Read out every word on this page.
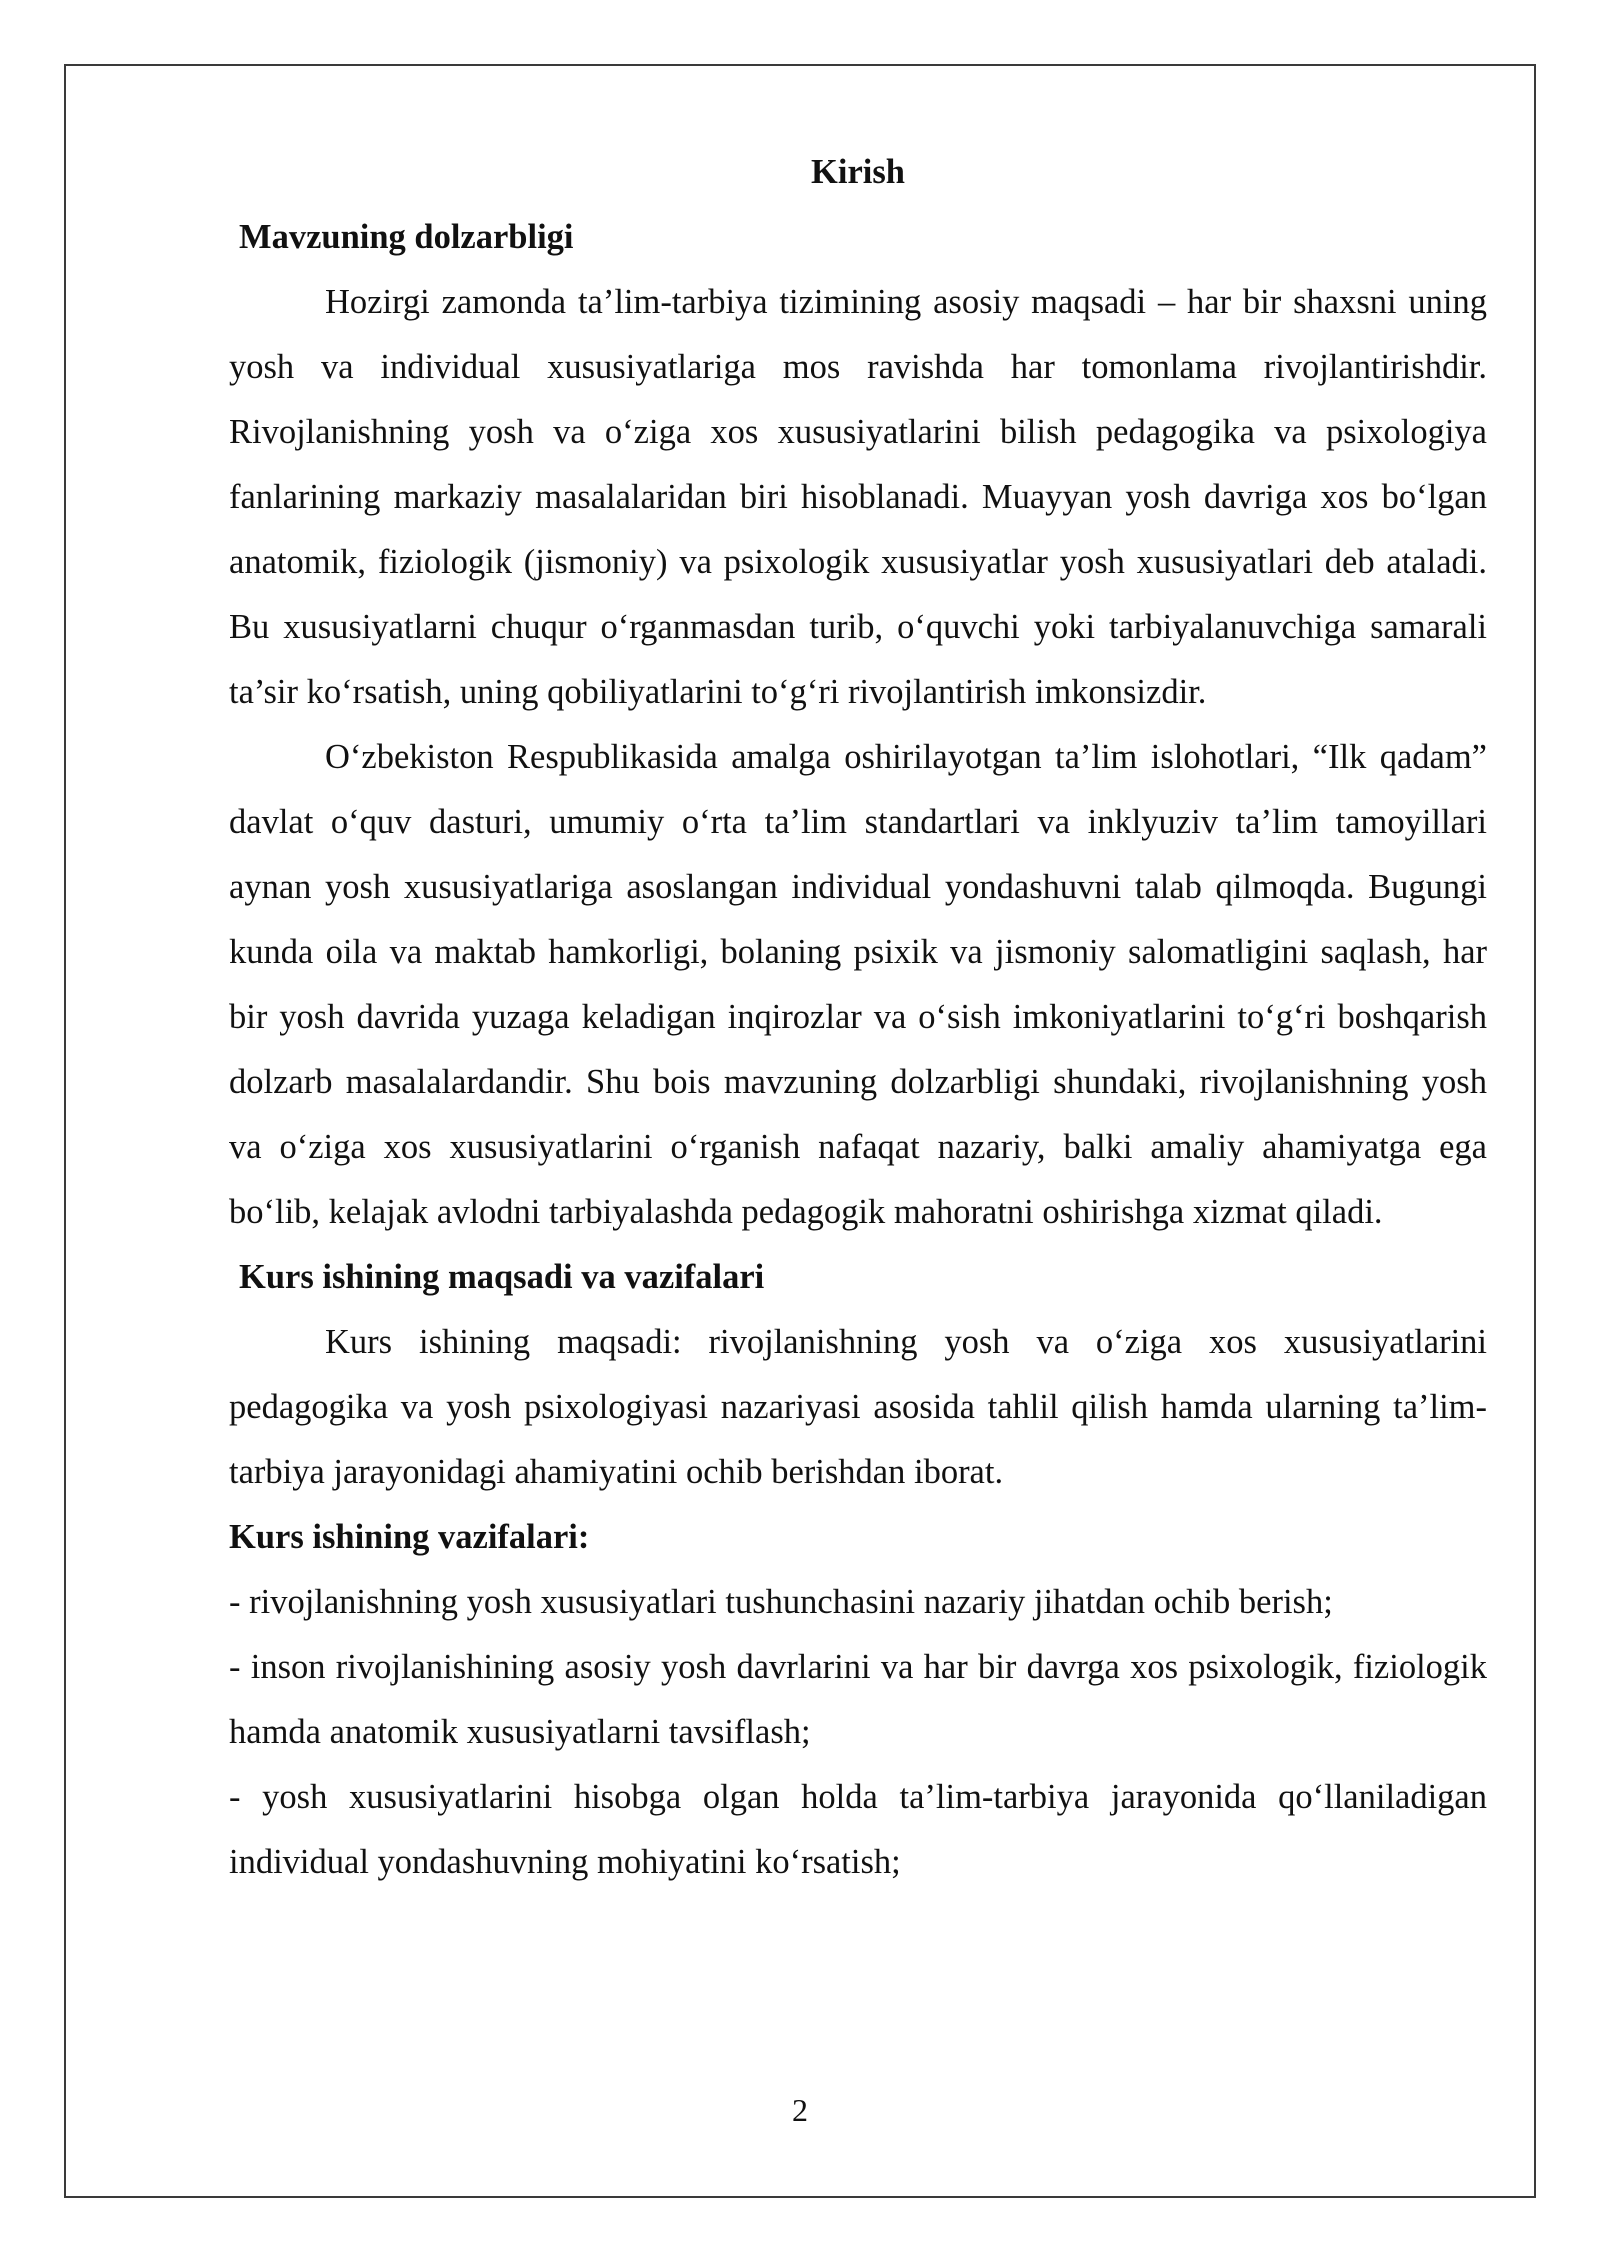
Kirish

Mavzuning dolzarbligi

Hozirgi zamonda ta’lim-tarbiya tizimining asosiy maqsadi – har bir shaxsni uning yosh va individual xususiyatlariga mos ravishda har tomonlama rivojlantirishdir. Rivojlanishning yosh va o‘ziga xos xususiyatlarini bilish pedagogika va psixologiya fanlarining markaziy masalalaridan biri hisoblanadi. Muayyan yosh davriga xos bo‘lgan anatomik, fiziologik (jismoniy) va psixologik xususiyatlar yosh xususiyatlari deb ataladi. Bu xususiyatlarni chuqur o‘rganmasdan turib, o‘quvchi yoki tarbiyalanuvchiga samarali ta’sir ko‘rsatish, uning qobiliyatlarini to‘g‘ri rivojlantirish imkonsizdir.

O‘zbekiston Respublikasida amalga oshirilayotgan ta’lim islohotlari, “Ilk qadam” davlat o‘quv dasturi, umumiy o‘rta ta’lim standartlari va inklyuziv ta’lim tamoyillari aynan yosh xususiyatlariga asoslangan individual yondashuvni talab qilmoqda. Bugungi kunda oila va maktab hamkorligi, bolaning psixik va jismoniy salomatligini saqlash, har bir yosh davrida yuzaga keladigan inqirozlar va o‘sish imkoniyatlarini to‘g‘ri boshqarish dolzarb masalalardandir. Shu bois mavzuning dolzarbligi shundaki, rivojlanishning yosh va o‘ziga xos xususiyatlarini o‘rganish nafaqat nazariy, balki amaliy ahamiyatga ega bo‘lib, kelajak avlodni tarbiyalashda pedagogik mahoratni oshirishga xizmat qiladi.

Kurs ishining maqsadi va vazifalari

Kurs ishining maqsadi: rivojlanishning yosh va o‘ziga xos xususiyatlarini pedagogika va yosh psixologiyasi nazariyasi asosida tahlil qilish hamda ularning ta’lim-tarbiya jarayonidagi ahamiyatini ochib berishdan iborat.

Kurs ishining vazifalari:

- rivojlanishning yosh xususiyatlari tushunchasini nazariy jihatdan ochib berish;

- inson rivojlanishining asosiy yosh davrlarini va har bir davrga xos psixologik, fiziologik hamda anatomik xususiyatlarni tavsiflash;

- yosh xususiyatlarini hisobga olgan holda ta’lim-tarbiya jarayonida qo‘llaniladigan individual yondashuvning mohiyatini ko‘rsatish;

2
